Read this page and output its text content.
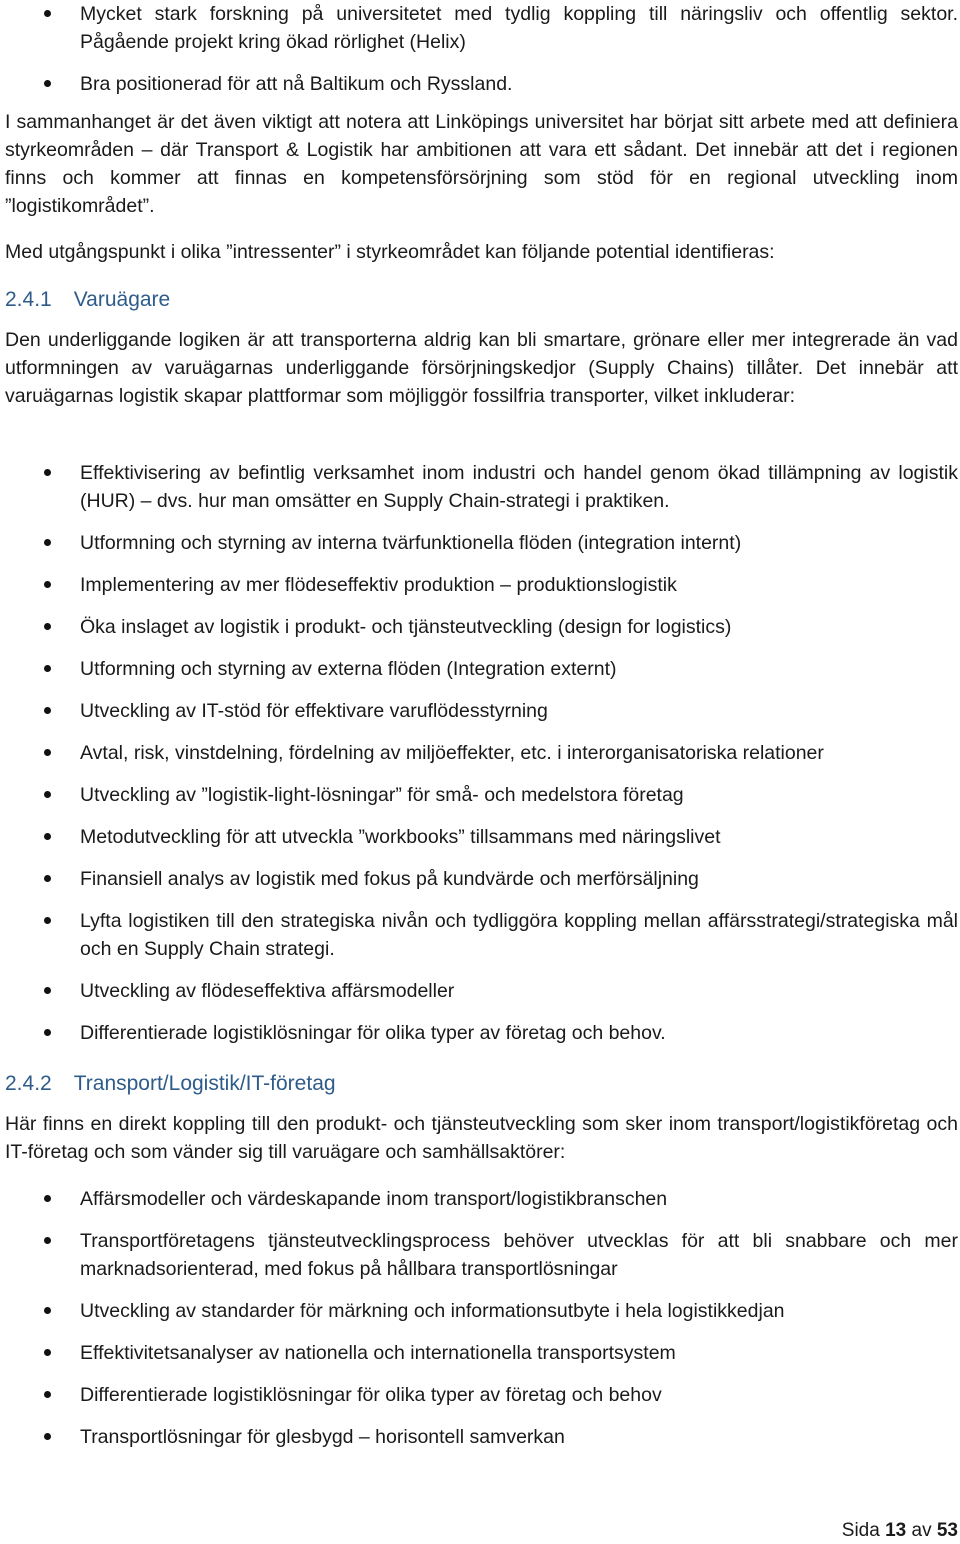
Mycket stark forskning på universitetet med tydlig koppling till näringsliv och offentlig sektor. Pågående projekt kring ökad rörlighet (Helix)
Bra positionerad för att nå Baltikum och Ryssland.

I sammanhanget är det även viktigt att notera att Linköpings universitet har börjat sitt arbete med att definiera styrkeområden – där Transport & Logistik har ambitionen att vara ett sådant. Det innebär att det i regionen finns och kommer att finnas en kompetensförsörjning som stöd för en regional utveckling inom ”logistikområdet”.

Med utgångspunkt i olika ”intressenter” i styrkeområdet kan följande potential identifieras:

2.4.1 Varuägare

Den underliggande logiken är att transporterna aldrig kan bli smartare, grönare eller mer integrerade än vad utformningen av varuägarnas underliggande försörjningskedjor (Supply Chains) tillåter. Det innebär att varuägarnas logistik skapar plattformar som möjliggör fossilfria transporter, vilket inkluderar:

Effektivisering av befintlig verksamhet inom industri och handel genom ökad tillämpning av logistik (HUR) – dvs. hur man omsätter en Supply Chain-strategi i praktiken.
Utformning och styrning av interna tvärfunktionella flöden (integration internt)
Implementering av mer flödeseffektiv produktion – produktionslogistik
Öka inslaget av logistik i produkt- och tjänsteutveckling (design for logistics)
Utformning och styrning av externa flöden (Integration externt)
Utveckling av IT-stöd för effektivare varuflödesstyrning
Avtal, risk, vinstdelning, fördelning av miljöeffekter, etc. i interorganisatoriska relationer
Utveckling av ”logistik-light-lösningar” för små- och medelstora företag
Metodutveckling för att utveckla ”workbooks” tillsammans med näringslivet
Finansiell analys av logistik med fokus på kundvärde och merförsäljning
Lyfta logistiken till den strategiska nivån och tydliggöra koppling mellan affärsstrategi/strategiska mål och en Supply Chain strategi.
Utveckling av flödeseffektiva affärsmodeller
Differentierade logistiklösningar för olika typer av företag och behov.
2.4.2 Transport/Logistik/IT-företag

Här finns en direkt koppling till den produkt- och tjänsteutveckling som sker inom transport/logistikföretag och IT-företag och som vänder sig till varuägare och samhällsaktörer:

Affärsmodeller och värdeskapande inom transport/logistikbranschen
Transportföretagens tjänsteutvecklingsprocess behöver utvecklas för att bli snabbare och mer marknadsorienterad, med fokus på hållbara transportlösningar
Utveckling av standarder för märkning och informationsutbyte i hela logistikkedjan
Effektivitetsanalyser av nationella och internationella transportsystem
Differentierade logistiklösningar för olika typer av företag och behov
Transportlösningar för glesbygd – horisontell samverkan
Sida 13 av 53
